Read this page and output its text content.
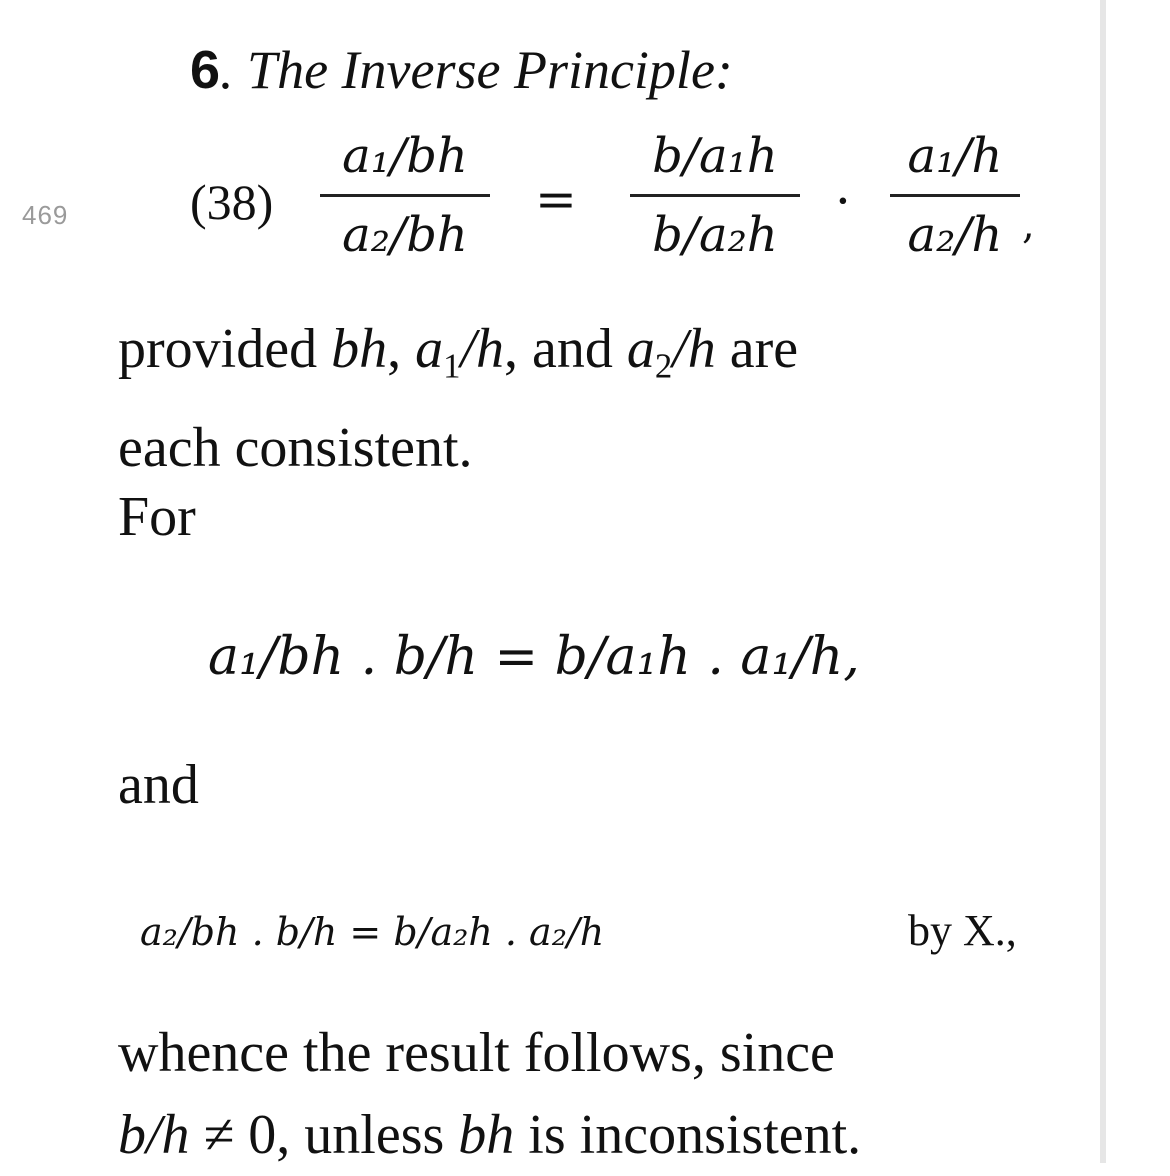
469
6. The Inverse Principle:
(38)
a₁/bh
a₂/bh
=
b/a₁h
b/a₂h
·
a₁/h
a₂/h ,
provided bh, a1/h, and a2/h are
each consistent.
For
a₁/bh . b/h = b/a₁h . a₁/h,
and
a₂/bh . b/h = b/a₂h . a₂/h	by X.,
whence the result follows, since
b/h ≠ 0, unless bh is inconsistent.
